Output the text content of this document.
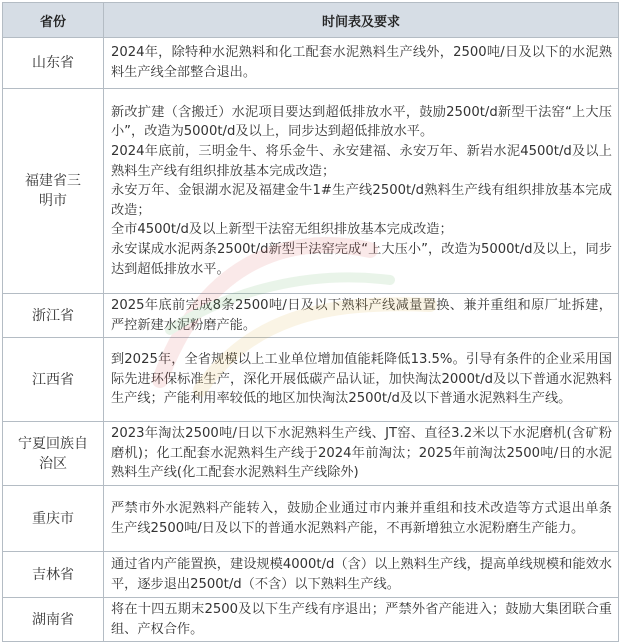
省份	时间表及要求
山东省	2024年，除特种水泥熟料和化工配套水泥熟料生产线外，2500吨/日及以下的水泥熟料生产线全部整合退出。

福建省三明市	新改扩建（含搬迁）水泥项目要达到超低排放水平，鼓励2500t/d新型干法窑“上大压小”，改造为5000t/d及以上，同步达到超低排放水平。

2024年底前，三明金牛、将乐金牛、永安建福、永安万年、新岩水泥4500t/d及以上熟料生产线有组织排放基本完成改造；

永安万年、金银湖水泥及福建金牛1#生产线2500t/d熟料生产线有组织排放基本完成改造；

全市4500t/d及以上新型干法窑无组织排放基本完成改造；

永安谋成水泥两条2500t/d新型干法窑完成“上大压小”，改造为5000t/d及以上，同步达到超低排放水平。

浙江省	2025年底前完成8条2500吨/日及以下熟料产线减量置换、兼并重组和原厂址拆建，严控新建水泥粉磨产能。

江西省	到2025年，全省规模以上工业单位增加值能耗降低13.5%。引导有条件的企业采用国际先进环保标准生产，深化开展低碳产品认证，加快淘汰2000t/d及以下普通水泥熟料生产线；产能利用率较低的地区加快淘汰2500t/d及以下普通水泥熟料生产线。

宁夏回族自治区	2023年淘汰2500吨/日以下水泥熟料生产线、JT窑、直径3.2米以下水泥磨机(含矿粉磨机)；化工配套水泥熟料生产线于2024年前淘汰；2025年前淘汰2500吨/日的水泥熟料生产线(化工配套水泥熟料生产线除外)

重庆市	严禁市外水泥熟料产能转入，鼓励企业通过市内兼并重组和技术改造等方式退出单条生产线2500吨/日及以下的普通水泥熟料产能，不再新增独立水泥粉磨生产能力。

吉林省	通过省内产能置换，建设规模4000t/d（含）以上熟料生产线，提高单线规模和能效水平，逐步退出2500t/d（不含）以下熟料生产线。

湖南省	将在十四五期末2500及以下生产线有序退出；严禁外省产能进入；鼓励大集团联合重组、产权合作。
